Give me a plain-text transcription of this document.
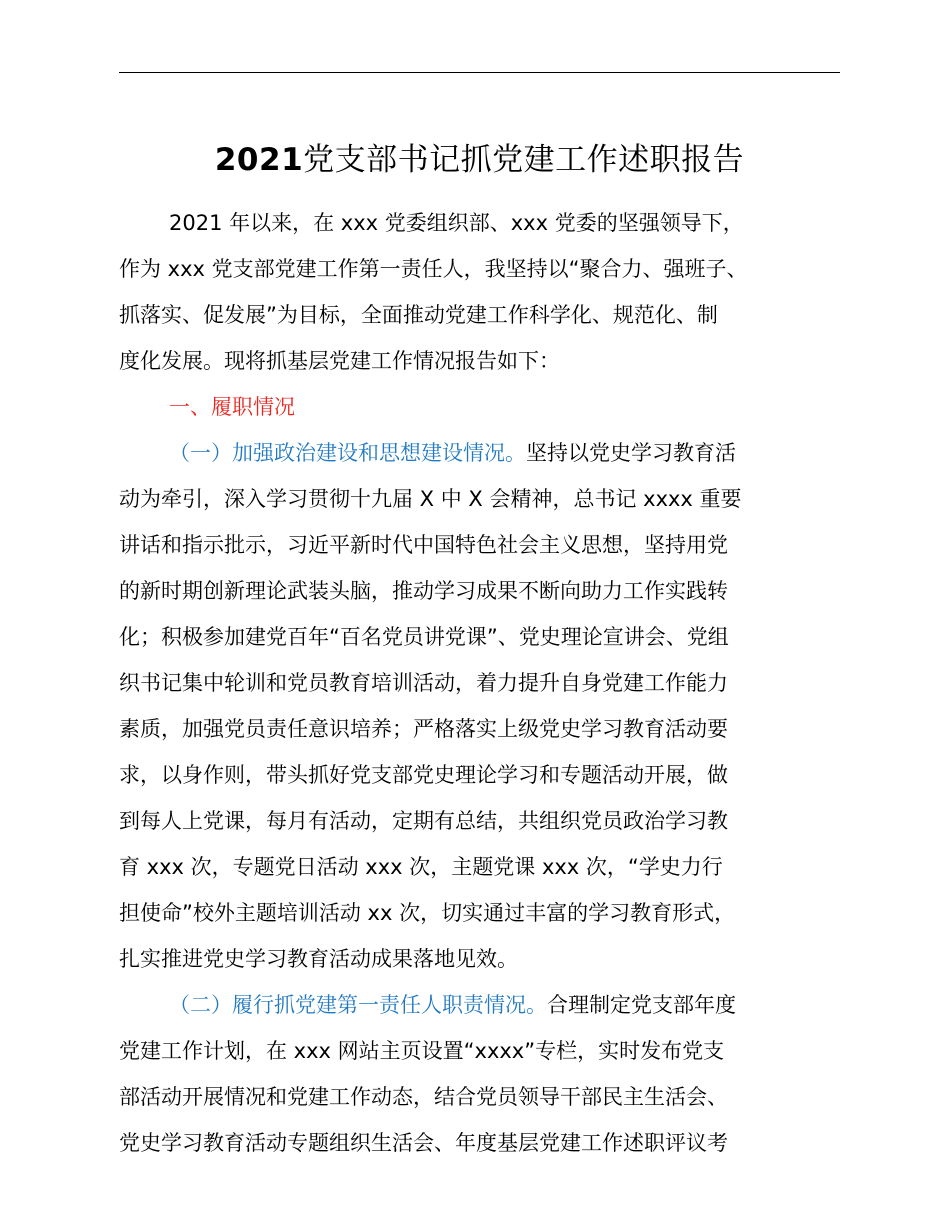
2021党支部书记抓党建工作述职报告
2021 年以来，在 xxx 党委组织部、xxx 党委的坚强领导下，
作为 xxx 党支部党建工作第一责任人，我坚持以“聚合力、强班子、
抓落实、促发展”为目标，全面推动党建工作科学化、规范化、制
度化发展。现将抓基层党建工作情况报告如下：
一、履职情况
（一）加强政治建设和思想建设情况。坚持以党史学习教育活
动为牵引，深入学习贯彻十九届 X 中 X 会精神，总书记 xxxx 重要
讲话和指示批示，习近平新时代中国特色社会主义思想，坚持用党
的新时期创新理论武装头脑，推动学习成果不断向助力工作实践转
化；积极参加建党百年“百名党员讲党课”、党史理论宣讲会、党组
织书记集中轮训和党员教育培训活动，着力提升自身党建工作能力
素质，加强党员责任意识培养；严格落实上级党史学习教育活动要
求，以身作则，带头抓好党支部党史理论学习和专题活动开展，做
到每人上党课，每月有活动，定期有总结，共组织党员政治学习教
育 xxx 次，专题党日活动 xxx 次，主题党课 xxx 次，“学史力行
担使命”校外主题培训活动 xx 次，切实通过丰富的学习教育形式，
扎实推进党史学习教育活动成果落地见效。
（二）履行抓党建第一责任人职责情况。合理制定党支部年度
党建工作计划，在 xxx 网站主页设置“xxxx”专栏，实时发布党支
部活动开展情况和党建工作动态，结合党员领导干部民主生活会、
党史学习教育活动专题组织生活会、年度基层党建工作述职评议考
